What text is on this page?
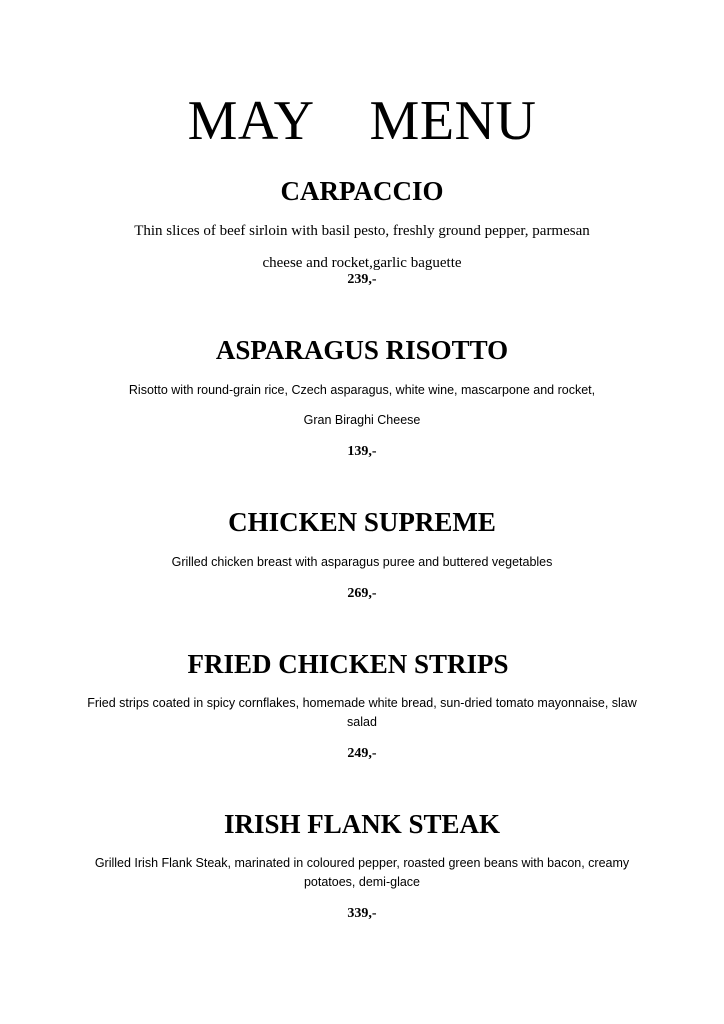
MAY  MENU
CARPACCIO
Thin slices of beef sirloin with basil pesto, freshly ground pepper, parmesan
cheese and rocket,garlic baguette
239,-
ASPARAGUS RISOTTO
Risotto with round-grain rice, Czech asparagus, white wine, mascarpone and rocket,
Gran Biraghi Cheese
139,-
CHICKEN SUPREME
Grilled chicken breast with asparagus puree and buttered vegetables
269,-
FRIED CHICKEN STRIPS
Fried strips coated in spicy cornflakes, homemade white bread, sun-dried tomato mayonnaise, slaw
salad
249,-
IRISH FLANK STEAK
Grilled Irish Flank Steak, marinated in coloured pepper, roasted green beans with bacon, creamy
potatoes, demi-glace
339,-
